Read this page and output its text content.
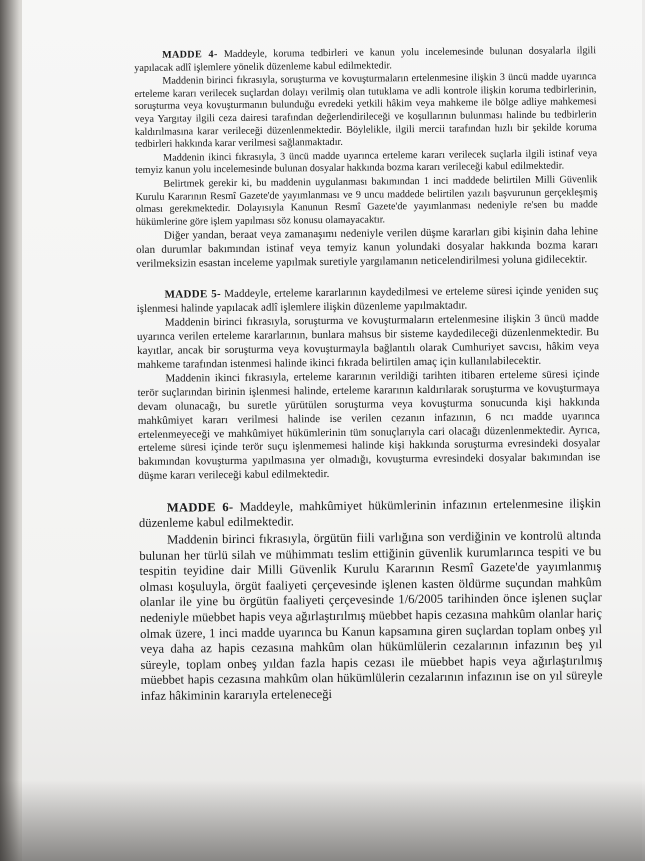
MADDE 4- Maddeyle, koruma tedbirleri ve kanun yolu incelemesinde bulunan dosyalarla ilgili yapılacak adlî işlemlere yönelik düzenleme kabul edilmektedir.

Maddenin birinci fıkrasıyla, soruşturma ve kovuşturmaların ertelenmesine ilişkin 3 üncü madde uyarınca erteleme kararı verilecek suçlardan dolayı verilmiş olan tutuklama ve adli kontrole ilişkin koruma tedbirlerinin, soruşturma veya kovuşturmanın bulunduğu evredeki yetkili hâkim veya mahkeme ile bölge adliye mahkemesi veya Yargıtay ilgili ceza dairesi tarafından değerlendirileceği ve koşullarının bulunması halinde bu tedbirlerin kaldırılmasına karar verileceği düzenlenmektedir. Böylelikle, ilgili mercii tarafından hızlı bir şekilde koruma tedbirleri hakkında karar verilmesi sağlanmaktadır.

Maddenin ikinci fıkrasıyla, 3 üncü madde uyarınca erteleme kararı verilecek suçlarla ilgili istinaf veya temyiz kanun yolu incelemesinde bulunan dosyalar hakkında bozma kararı verileceği kabul edilmektedir.

Belirtmek gerekir ki, bu maddenin uygulanması bakımından 1 inci maddede belirtilen Milli Güvenlik Kurulu Kararının Resmî Gazete'de yayımlanması ve 9 uncu maddede belirtilen yazılı başvurunun gerçekleşmiş olması gerekmektedir. Dolayısıyla Kanunun Resmî Gazete'de yayımlanması nedeniyle re'sen bu madde hükümlerine göre işlem yapılması söz konusu olamayacaktır.

Diğer yandan, beraat veya zamanaşımı nedeniyle verilen düşme kararları gibi kişinin daha lehine olan durumlar bakımından istinaf veya temyiz kanun yolundaki dosyalar hakkında bozma kararı verilmeksizin esastan inceleme yapılmak suretiyle yargılamanın neticelendirilmesi yoluna gidilecektir.

MADDE 5- Maddeyle, erteleme kararlarının kaydedilmesi ve erteleme süresi içinde yeniden suç işlenmesi halinde yapılacak adlî işlemlere ilişkin düzenleme yapılmaktadır.

Maddenin birinci fıkrasıyla, soruşturma ve kovuşturmaların ertelenmesine ilişkin 3 üncü madde uyarınca verilen erteleme kararlarının, bunlara mahsus bir sisteme kaydedileceği düzenlenmektedir. Bu kayıtlar, ancak bir soruşturma veya kovuşturmayla bağlantılı olarak Cumhuriyet savcısı, hâkim veya mahkeme tarafından istenmesi halinde ikinci fıkrada belirtilen amaç için kullanılabilecektir.

Maddenin ikinci fıkrasıyla, erteleme kararının verildiği tarihten itibaren erteleme süresi içinde terör suçlarından birinin işlenmesi halinde, erteleme kararının kaldırılarak soruşturma ve kovuşturmaya devam olunacağı, bu suretle yürütülen soruşturma veya kovuşturma sonucunda kişi hakkında mahkûmiyet kararı verilmesi halinde ise verilen cezanın infazının, 6 ncı madde uyarınca ertelenmeyeceği ve mahkûmiyet hükümlerinin tüm sonuçlarıyla cari olacağı düzenlenmektedir. Ayrıca, erteleme süresi içinde terör suçu işlenmemesi halinde kişi hakkında soruşturma evresindeki dosyalar bakımından kovuşturma yapılmasına yer olmadığı, kovuşturma evresindeki dosyalar bakımından ise düşme kararı verileceği kabul edilmektedir.

MADDE 6- Maddeyle, mahkûmiyet hükümlerinin infazının ertelenmesine ilişkin düzenleme kabul edilmektedir.

Maddenin birinci fıkrasıyla, örgütün fiili varlığına son verdiğinin ve kontrolü altında bulunan her türlü silah ve mühimmatı teslim ettiğinin güvenlik kurumlarınca tespiti ve bu tespitin teyidine dair Milli Güvenlik Kurulu Kararının Resmî Gazete'de yayımlanmış olması koşuluyla, örgüt faaliyeti çerçevesinde işlenen kasten öldürme suçundan mahkûm olanlar ile yine bu örgütün faaliyeti çerçevesinde 1/6/2005 tarihinden önce işlenen suçlar nedeniyle müebbet hapis veya ağırlaştırılmış müebbet hapis cezasına mahkûm olanlar hariç olmak üzere, 1 inci madde uyarınca bu Kanun kapsamına giren suçlardan toplam onbeş yıl veya daha az hapis cezasına mahkûm olan hükümlülerin cezalarının infazının beş yıl süreyle, toplam onbeş yıldan fazla hapis cezası ile müebbet hapis veya ağırlaştırılmış müebbet hapis cezasına mahkûm olan hükümlülerin cezalarının infazının ise on yıl süreyle infaz hâkiminin kararıyla erteleneceği
